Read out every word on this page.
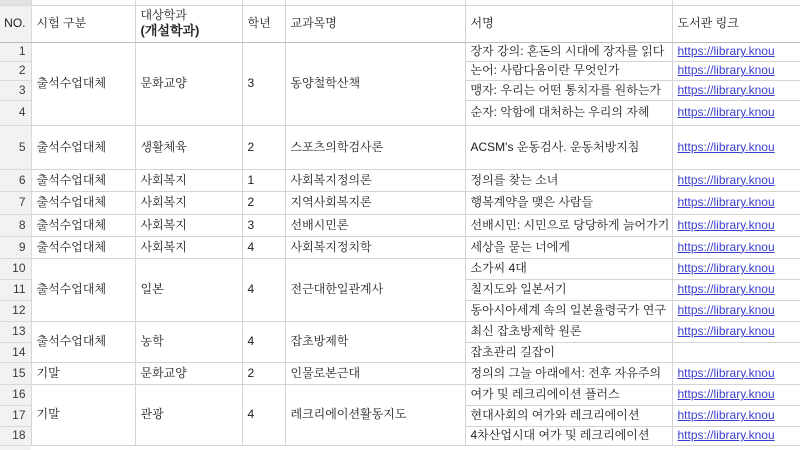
NO.	시험 구분	대상학과
(개설학과)	학년	교과목명	서명	도서관 링크
1	출석수업대체	문화교양	3	동양철학산책	장자 강의: 혼돈의 시대에 장자를 읽다	https://library.knou
2					논어: 사람다움이란 무엇인가	https://library.knou
3					맹자: 우리는 어떤 통치자를 원하는가	https://library.knou
4					순자: 악함에 대처하는 우리의 자헤	https://library.knou
5	출석수업대체	생활체육	2	스포츠의학검사론	ACSM's 운동검사. 운동처방지침	https://library.knou
6	출석수업대체	사회복지	1	사회복지정의론	정의를 찾는 소녀	https://library.knou
7	출석수업대체	사회복지	2	지역사회복지론	행복계약을 맺은 사람들	https://library.knou
8	출석수업대체	사회복지	3	선배시민론	선배시민: 시민으로 당당하게 늙어가기	https://library.knou
9	출석수업대체	사회복지	4	사회복지정치학	세상을 묻는 너에게	https://library.knou
10	출석수업대체	일본	4	전근대한일관계사	소가씨 4대	https://library.knou
11					칠지도와 일본서기	https://library.knou
12					동아시아세계 속의 일본율령국가 연구	https://library.knou
13	출석수업대체	농학	4	잡초방제학	최신 잡초방제학 원론	https://library.knou
14					잡초관리 길잡이	
15	기말	문화교양	2	인물로본근대	정의의 그늘 아래에서: 전후 자유주의	https://library.knou
16	기말	관광	4	레크리에이션활동지도	여가 및 레크리에이션 플러스	https://library.knou
17					현대사회의 여가와 레크리에이션	https://library.knou
18					4차산업시대 여가 및 레크리에이션	https://library.knou
